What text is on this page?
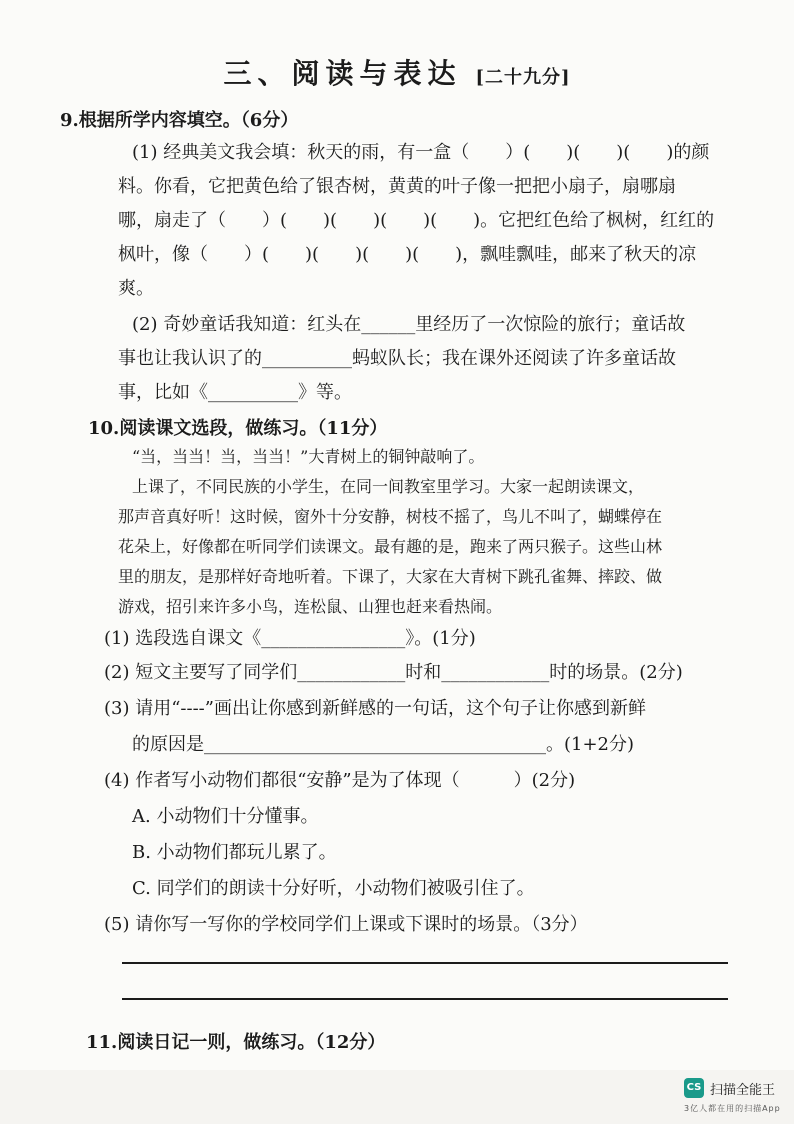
三、阅读与表达 [二十九分]
9.根据所学内容填空。（6分）
(1) 经典美文我会填：秋天的雨，有一盒（　　）(　　)(　　)(　　)的颜
料。你看，它把黄色给了银杏树，黄黄的叶子像一把把小扇子，扇哪扇
哪，扇走了（　　）(　　)(　　)(　　)(　　)。它把红色给了枫树，红红的
枫叶，像（　　）(　　)(　　)(　　)(　　)，飘哇飘哇，邮来了秋天的凉
爽。
(2) 奇妙童话我知道：红头在______里经历了一次惊险的旅行；童话故
事也让我认识了的__________蚂蚁队长；我在课外还阅读了许多童话故
事，比如《__________》等。
10.阅读课文选段，做练习。（11分）
“当，当当！当，当当！”大青树上的铜钟敲响了。
上课了，不同民族的小学生，在同一间教室里学习。大家一起朗读课文，
那声音真好听！这时候，窗外十分安静，树枝不摇了，鸟儿不叫了，蝴蝶停在
花朵上，好像都在听同学们读课文。最有趣的是，跑来了两只猴子。这些山林
里的朋友，是那样好奇地听着。下课了，大家在大青树下跳孔雀舞、摔跤、做
游戏，招引来许多小鸟，连松鼠、山狸也赶来看热闹。
(1) 选段选自课文《________________》。(1分)
(2) 短文主要写了同学们____________时和____________时的场景。(2分)
(3) 请用“----”画出让你感到新鲜感的一句话，这个句子让你感到新鲜
的原因是______________________________________。(1+2分)
(4) 作者写小动物们都很“安静”是为了体现（　　　）(2分)
A. 小动物们十分懂事。
B. 小动物们都玩儿累了。
C. 同学们的朗读十分好听，小动物们被吸引住了。
(5) 请你写一写你的学校同学们上课或下课时的场景。（3分）
11.阅读日记一则，做练习。（12分）
CS 扫描全能王
3亿人都在用的扫描App
